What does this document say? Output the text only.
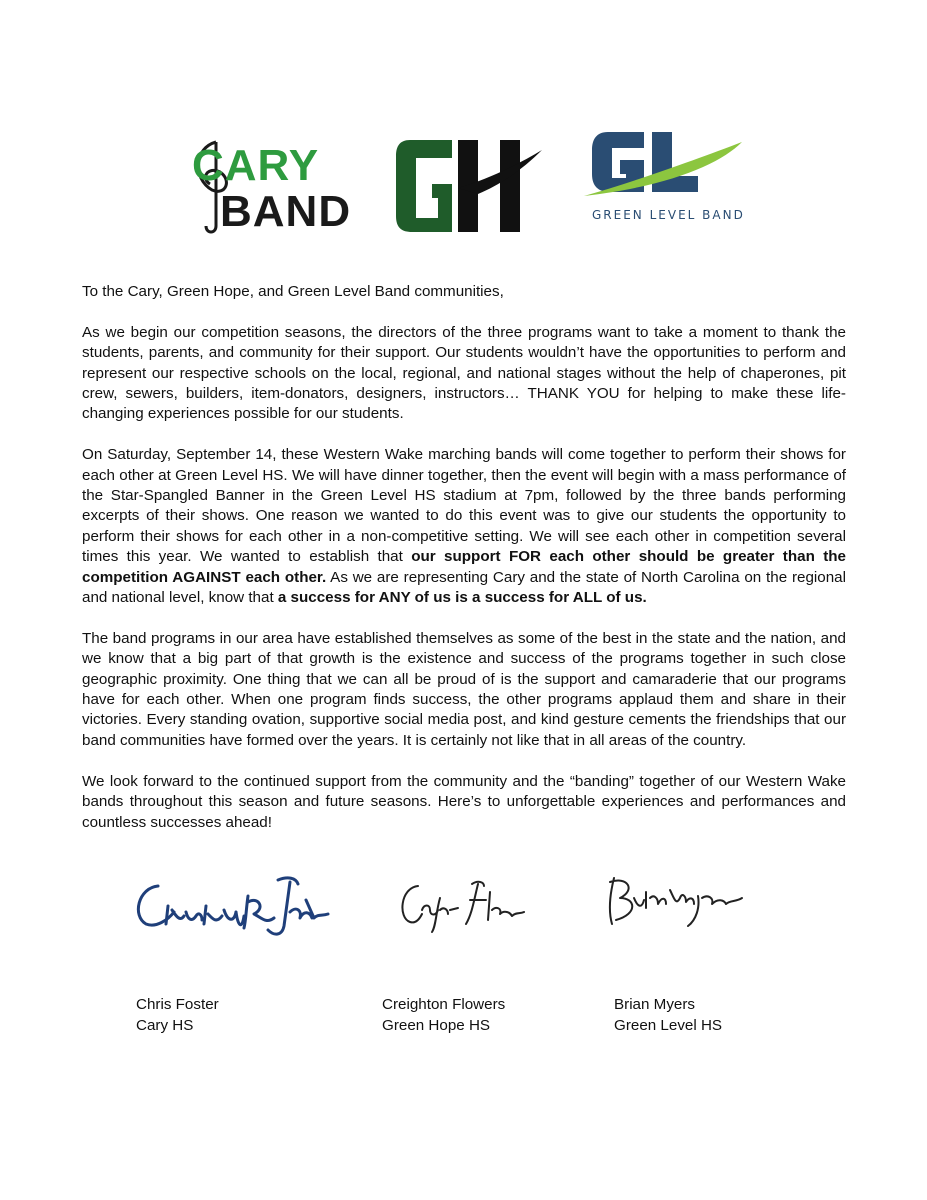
CARY
BAND	GREEN LEVEL BAND

To the Cary, Green Hope, and Green Level Band communities,

As we begin our competition seasons, the directors of the three programs want to take a moment to thank the students, parents, and community for their support. Our students wouldn’t have the opportunities to perform and represent our respective schools on the local, regional, and national stages without the help of chaperones, pit crew, sewers, builders, item-donators, designers, instructors… THANK YOU for helping to make these life-changing experiences possible for our students.

On Saturday, September 14, these Western Wake marching bands will come together to perform their shows for each other at Green Level HS. We will have dinner together, then the event will begin with a mass performance of the Star-Spangled Banner in the Green Level HS stadium at 7pm, followed by the three bands performing excerpts of their shows. One reason we wanted to do this event was to give our students the opportunity to perform their shows for each other in a non-competitive setting. We will see each other in competition several times this year. We wanted to establish that our support FOR each other should be greater than the competition AGAINST each other. As we are representing Cary and the state of North Carolina on the regional and national level, know that a success for ANY of us is a success for ALL of us.

The band programs in our area have established themselves as some of the best in the state and the nation, and we know that a big part of that growth is the existence and success of the programs together in such close geographic proximity. One thing that we can all be proud of is the support and camaraderie that our programs have for each other. When one program finds success, the other programs applaud them and share in their victories. Every standing ovation, supportive social media post, and kind gesture cements the friendships that our band communities have formed over the years. It is certainly not like that in all areas of the country.

We look forward to the continued support from the community and the “banding” together of our Western Wake bands throughout this season and future seasons. Here’s to unforgettable experiences and performances and countless successes ahead!

Chris Foster
Cary HS
Creighton Flowers
Green Hope HS
Brian Myers
Green Level HS
